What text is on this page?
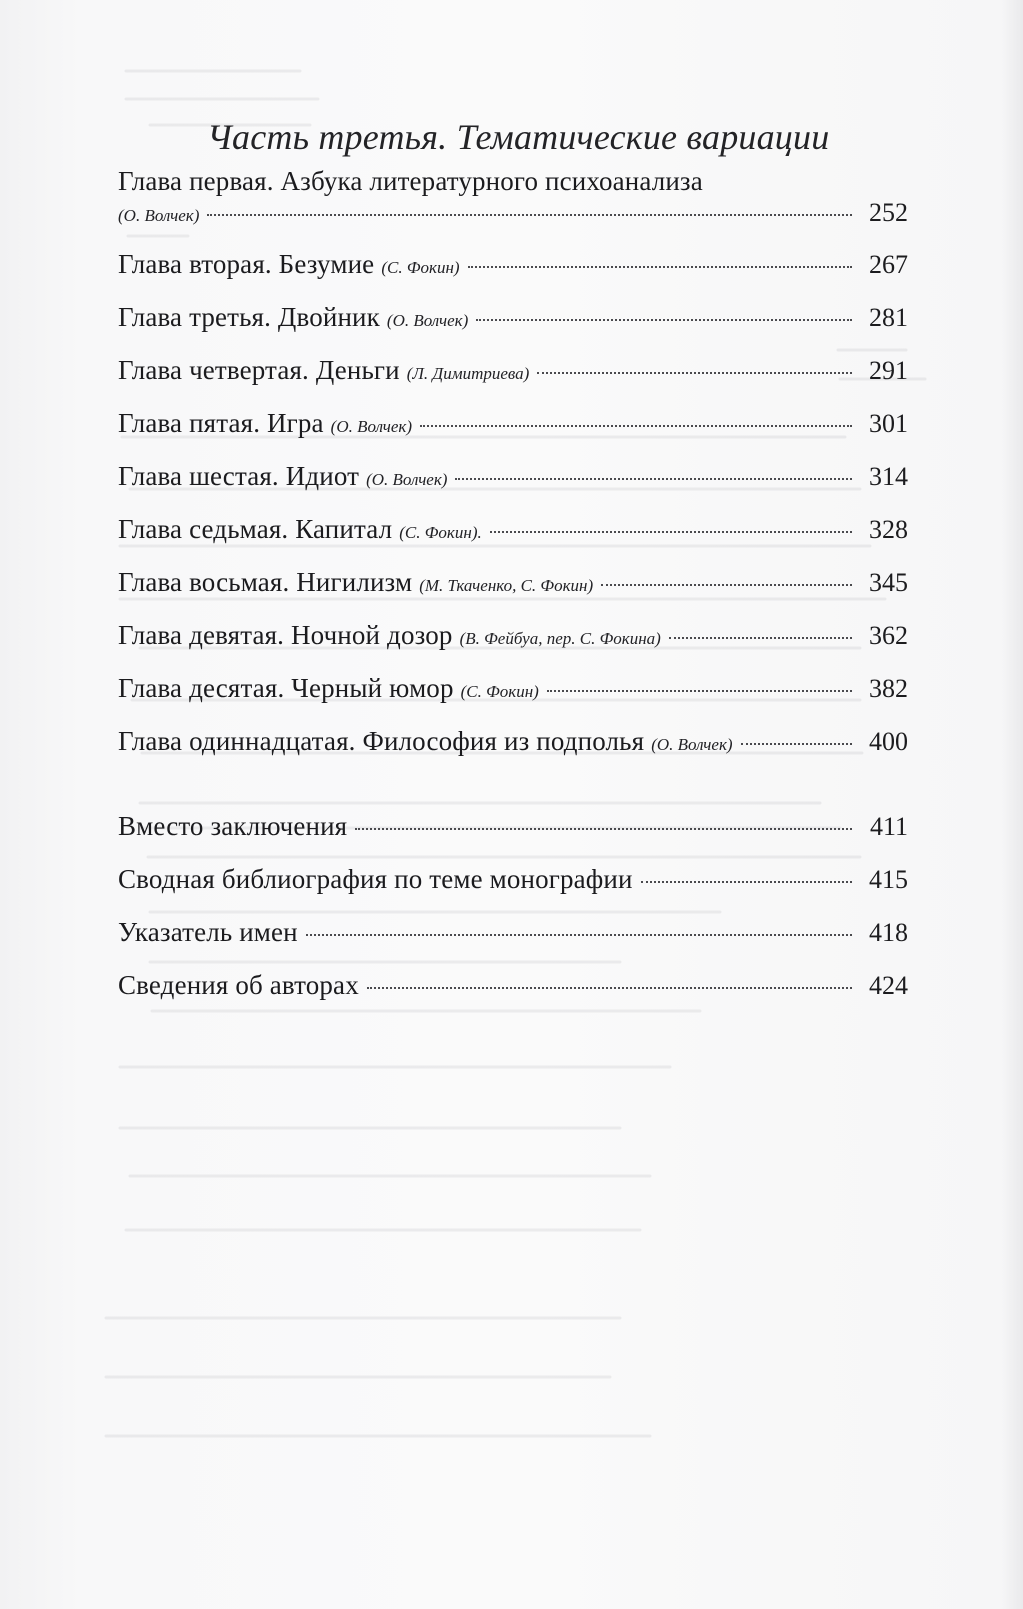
Часть третья. Тематические вариации
Глава первая. Азбука литературного психоанализа
(О. Волчек)	252
Глава вторая. Безумие (С. Фокин)	267
Глава третья. Двойник (О. Волчек)	281
Глава четвертая. Деньги (Л. Димитриева)	291
Глава пятая. Игра (О. Волчек)	301
Глава шестая. Идиот (О. Волчек)	314
Глава седьмая. Капитал (С. Фокин).	328
Глава восьмая. Нигилизм (М. Ткаченко, С. Фокин)	345
Глава девятая. Ночной дозор (В. Фейбуа, пер. С. Фокина)	362
Глава десятая. Черный юмор (С. Фокин)	382
Глава одиннадцатая. Философия из подполья (О. Волчек)	400
Вместо заключения	411
Сводная библиография по теме монографии	415
Указатель имен	418
Сведения об авторах	424
